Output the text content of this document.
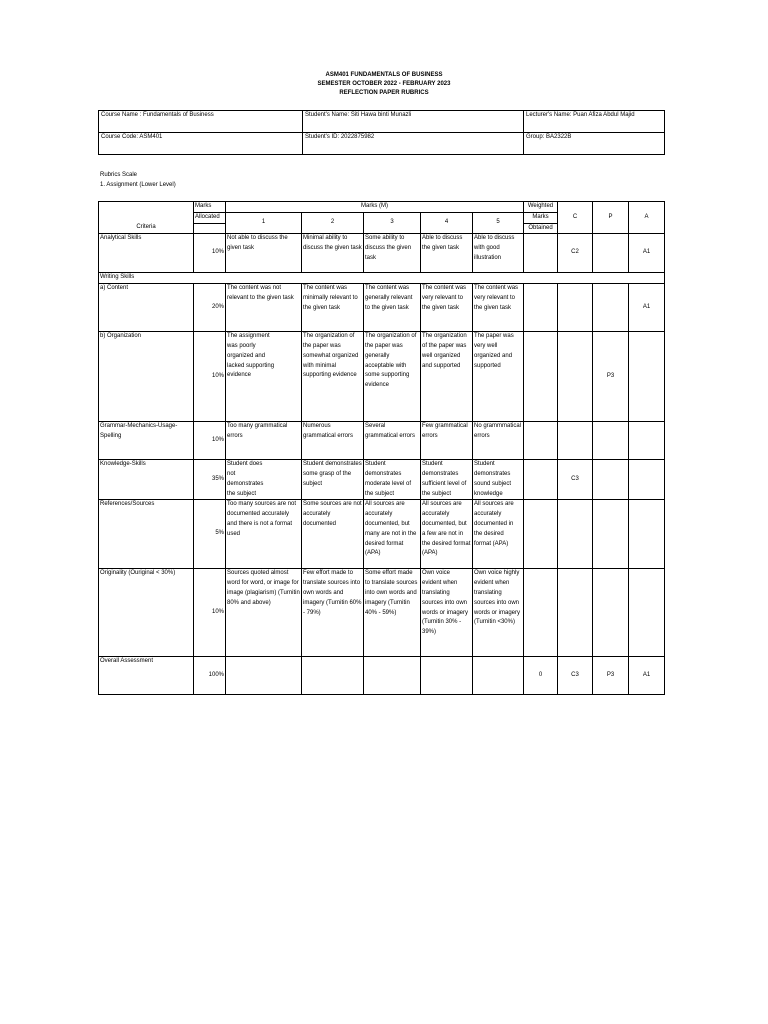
ASM401 FUNDAMENTALS OF BUSINESS
SEMESTER OCTOBER 2022 - FEBRUARY 2023
REFLECTION PAPER RUBRICS
Course Name : Fundamentals of Business	Student's Name: Siti Hawa binti Munazli	Lecturer's Name: Puan Afiza Abdul Majid
Course Code: ASM401	Student's ID: 2022875982	Group: BA2322B
Rubrics Scale
1. Assignment (Lower Level)
	Marks	Marks (M)					Weighted	C	P	A
	Allocated	1	2	3	4	5	Marks			
Criteria							Obtained			
Analytical Skills	10%	Not able to discuss the given task	Minimal ability to discuss the given task	Some ability to discuss the given task	Able to discuss the given task	Able to discuss with good illustration		C2		A1
Writing Skills										
a) Content	20%	The content was not relevant to the given task	The content was minimally relevant to the given task	The content was generally relevant to the given task	The content was very relevant to the given task	The content was very relevant to the given task				A1
b) Organization	10%	The assignment was poorly organized and lacked supporting evidence	The organization of the paper was somewhat organized with minimal supporting evidence	The organization of the paper was generally acceptable with some supporting evidence	The organization of the paper was well organized and supported	The paper was very well organized and supported			P3	
Grammar-Mechanics-Usage-Spelling	10%	Too many grammatical errors	Numerous grammatical errors	Several grammatical errors	Few grammatical errors	No grammmatical errors				
Knowledge-Skills	35%	Student does not demonstrates the subject	Student demonstrates some grasp of the subject	Student demonstrates moderate level of the subject	Student demonstrates sufficient level of the subject	Student demonstrates sound subject knowledge		C3		
References/Sources	5%	Too many sources are not documented accurately and there is not a format used	Some sources are not accurately documented	All sources are accurately documented, but many are not in the desired format (APA)	All sources are accurately documented, but a few are not in the desired format (APA)	All sources are accurately documented in the desired format (APA)				
Originality (Ouriginal < 30%)	10%	Sources quoted almost word for word, or image for image (plagiarism) (Turnitin 80% and above)	Few effort made to translate sources into own words and imagery (Turnitin 60% - 79%)	Some effort made to translate sources into own words and imagery (Turnitin 40% - 59%)	Own voice evident when translating sources into own words or imagery (Turnitin 30% - 39%)	Own voice highly evident when translating sources into own words or imagery (Turnitin <30%)				
Overall Assessment	100%						0	C3	P3	A1
